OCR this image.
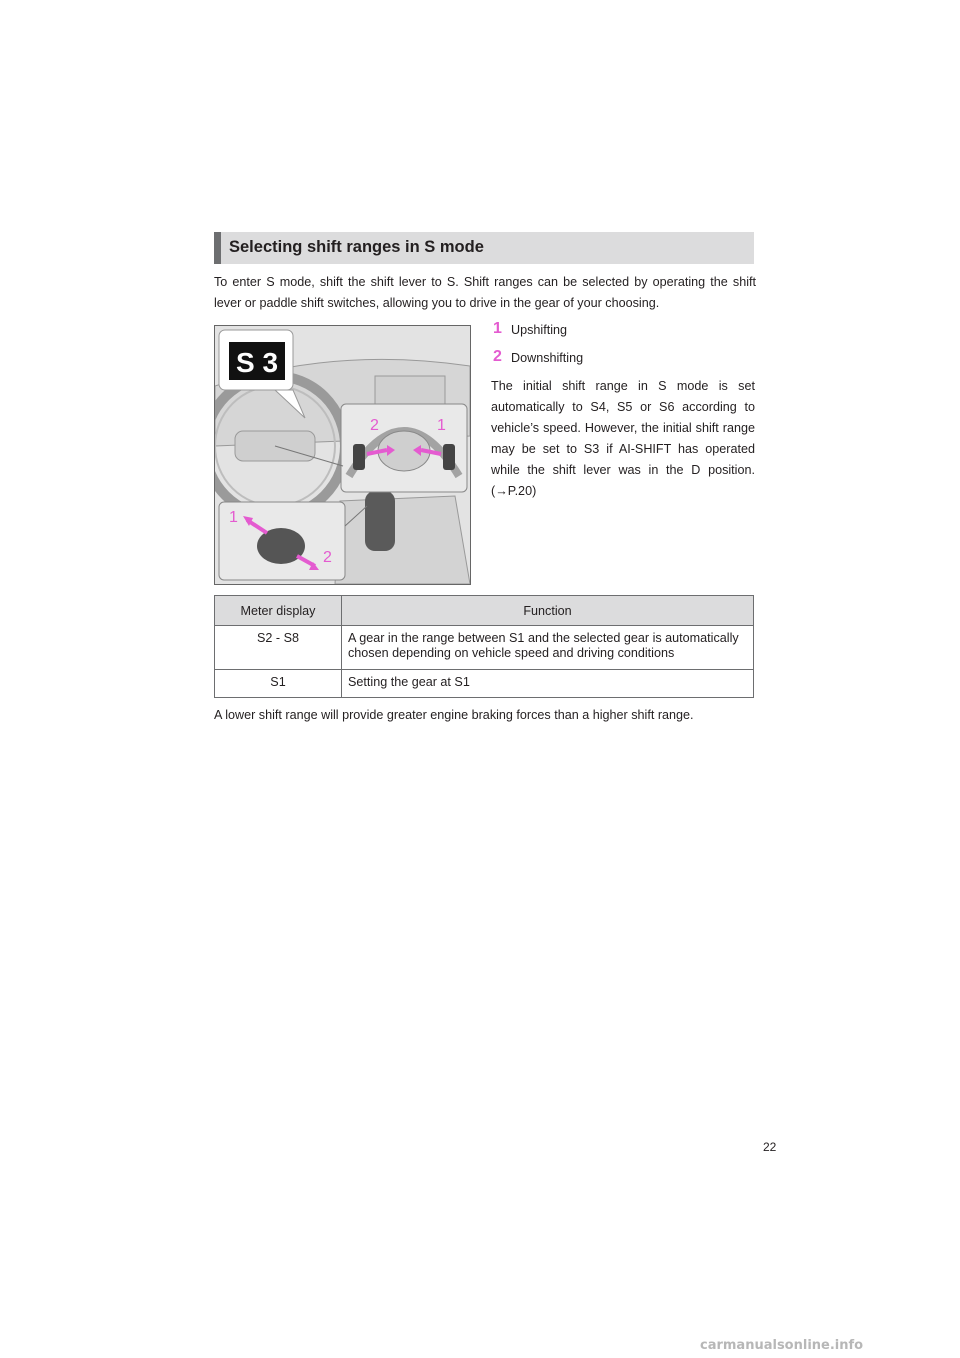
Selecting shift ranges in S mode
To enter S mode, shift the shift lever to S. Shift ranges can be selected by operating the shift lever or paddle shift switches, allowing you to drive in the gear of your choosing.
S 3
2	1
1
2
1 Upshifting
2 Downshifting
The initial shift range in S mode is set automatically to S4, S5 or S6 according to vehicle’s speed. However, the initial shift range may be set to S3 if AI-SHIFT has operated while the shift lever was in the D position. (→P.20)
Meter display	Function
S2 - S8	A gear in the range between S1 and the selected gear is automatically chosen depending on vehicle speed and driving conditions
S1	Setting the gear at S1
A lower shift range will provide greater engine braking forces than a higher shift range.
22
carmanualsonline.info
